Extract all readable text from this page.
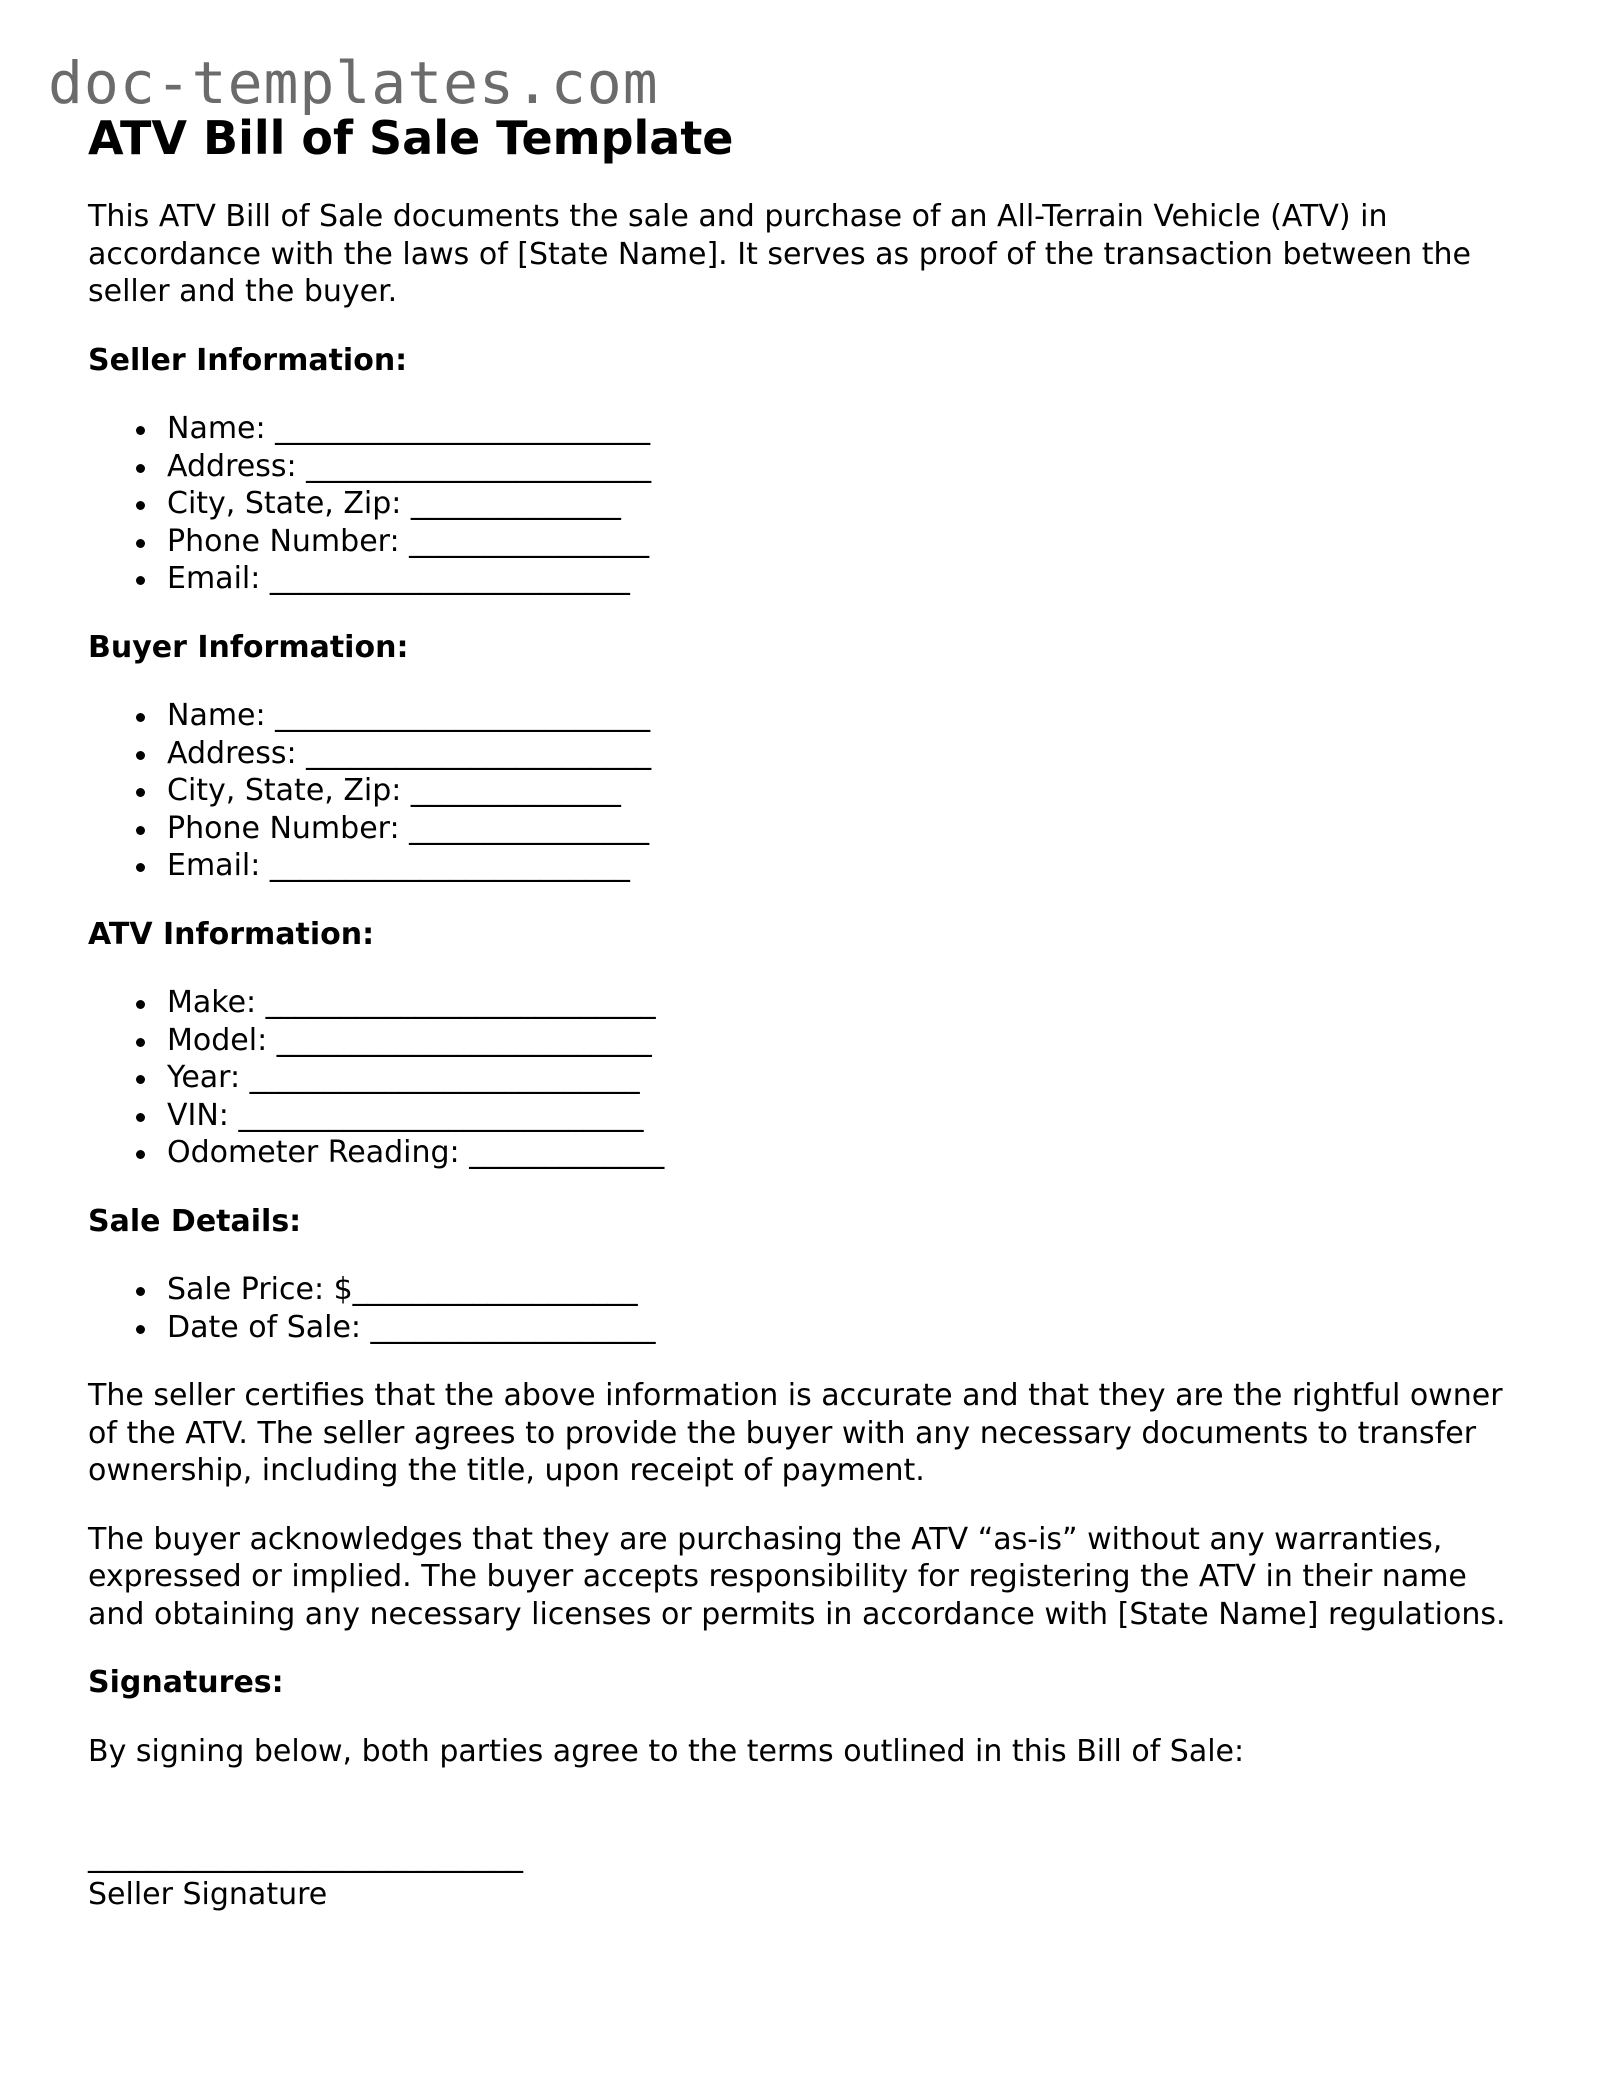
doc-templates.com
ATV Bill of Sale Template

This ATV Bill of Sale documents the sale and purchase of an All-Terrain Vehicle (ATV) in accordance with the laws of [State Name]. It serves as proof of the transaction between the seller and the buyer.

Seller Information:
Name: _________________________
Address: _______________________
City, State, Zip: ______________
Phone Number: ________________
Email: ________________________
Buyer Information:
Name: _________________________
Address: _______________________
City, State, Zip: ______________
Phone Number: ________________
Email: ________________________
ATV Information:
Make: __________________________
Model: _________________________
Year: __________________________
VIN: ___________________________
Odometer Reading: _____________
Sale Details:
Sale Price: $___________________
Date of Sale: ___________________

The seller certifies that the above information is accurate and that they are the rightful owner of the ATV. The seller agrees to provide the buyer with any necessary documents to transfer ownership, including the title, upon receipt of payment.

The buyer acknowledges that they are purchasing the ATV “as-is” without any warranties, expressed or implied. The buyer accepts responsibility for registering the ATV in their name and obtaining any necessary licenses or permits in accordance with [State Name] regulations.

Signatures:

By signing below, both parties agree to the terms outlined in this Bill of Sale:

_____________________________
Seller Signature
